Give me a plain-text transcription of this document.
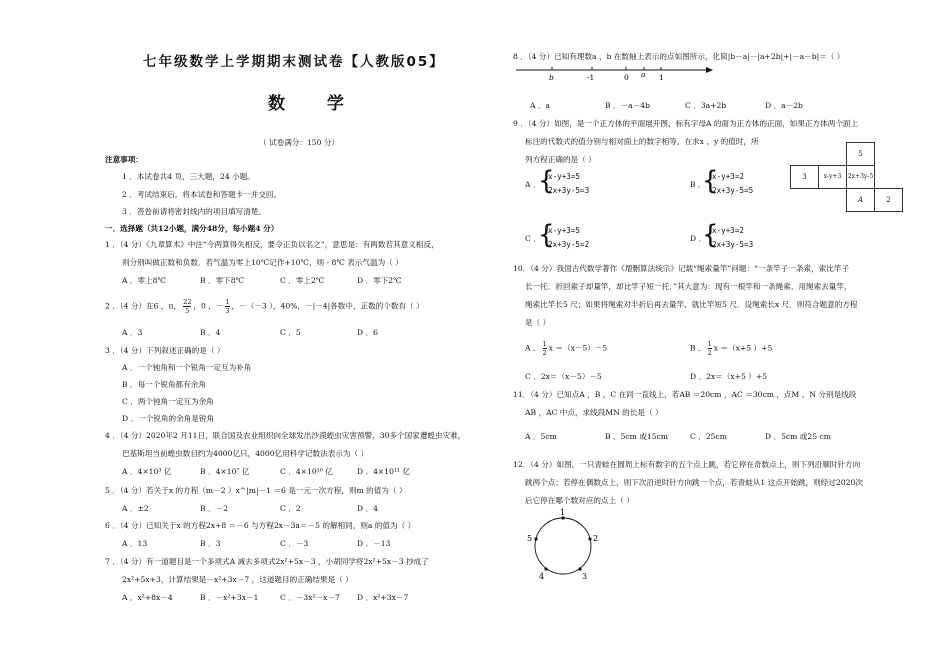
七年级数学上学期期末测试卷【人教版05】
数 学
（ 试卷满分：150 分）
注意事项：
1 ．本试卷共4 页，三大题，24 小题。
2 ．考试结束后，将本试卷和答题卡一并交回。
3 ．答卷前请将密封线内的项目填写清楚。
一．选择题（共12小题，满分48分，每小题4 分）
1 ．（4 分）《九章算术》中注“今两算得失相反，要令正负以名之”，意思是：有两数若其意义相反，
则分别叫做正数和负数．若气温为零上10℃记作+10℃，则 - 8℃ 表示气温为（ ）
A ．零上8℃	B ．零下8℃	C ．零上2℃	D ．零下2℃
2 ．（4 分）在6 ，π， $\frac{22}{5}$ ，0 ，－ $\frac{1}{3}$ ，－（－3 ），40%，－|－4|各数中，正数的个数有（ ）
A ．3	B ．4	C ．5	D ．6
3 ．（4 分）下列叙述正确的是（ ）
A ．一个钝角和一个锐角一定互为补角
B ．每一个锐角都有余角
C ．两个钝角一定互为余角
D ．一个锐角的余角是锐角
4 ．（4 分）2020年2 月11日，联合国及农业组织向全球发出沙漠蝗虫灾害预警，30多个国家遭蝗虫灾难，
巴基斯坦当前蝗虫数目约为4000亿只，4000亿用科学记数法表示为（ ）
A ．4×10³ 亿	B ．4×10⁷ 亿	C ．4×10¹⁰ 亿	D ．4×10¹¹ 亿
5 ．（4 分）若关于x 的方程（m－2 ）x^|m|－1 ＝6 是一元一次方程，则m 的值为（ ）
A ．±2	B ．－2	C ．2	D ．4
6 ．（4 分）已知关于x 的方程2x+8 ＝－6 与方程2x－3a＝－5 的解相同，则a 的值为（ ）
A ．13	B ．3	C ．－3	D ．－13
7 ．（4 分）有一道题目是一个多项式A 减去多项式2x²+5x－3 ，小胡同学将2x²+5x－3 抄成了
2x²+5x+3，计算结果是－x²+3x－7 ，这道题目的正确结果是（ ）
A ．x²+8x－4	B ．－x²+3x－1	C ．－3x²－x－7 D ．x²+3x－7
8 ．（4 分）已知有理数a ，b 在数轴上表示的点如图所示，化简|b－a|－|a+2b|+|－a－b|＝（ ）
b	-1	0 a 1
A ．a	B ．－a－4b	C ．3a+2b	D ．a－2b
9 ．（4 分）如图，是一个正方体的平面展开图，标有字母A 的面为正方体的正面，如果正方体两个面上
标注的代数式的值分别与相对面上的数字相等，在求x 、y 的值时，所
列方程正确的是（ ）
		5	
3	x-y+3	2x+3y-5	
		A	2
A ．
{
x-y+3=5
2x+3y-5=3
B ．
{
x-y+3=2
2x+3y-5=5
C ．
{
x-y+3=5
2x+3y-5=2
D ．
{
x-y+3=2
2x+3y-5=3
10．（4 分）我国古代数学著作《增删算法统宗》记载“绳索量竿”问题：“一条竿子一条索，索比竿子
长一托．折回索子却量竿，却比竿子短一托．”其大意为：现有一根竿和一条绳索，用绳索去量竿，
绳索比竿长5 尺；如果将绳索对半折后再去量竿，就比竿短5 尺．设绳索长x 尺．则符合题意的方程
是（ ）
A ． $\frac{1}{2}$ x ＝（x－5）－5	B ． $\frac{1}{2}$ x ＝（x+5 ）+5
C ．2x＝（x－5）－5	D ．2x＝（x+5 ）+5
11．（4 分）已知点A ，B ，C 在同一直线上，若AB ＝20cm ，AC ＝30cm ，点M 、N 分别是线段
AB ，AC 中点，求线段MN 的长是（ ）
A ．5cm	B ．5cm 或15cm	C ．25cm	D ．5cm 或25 cm
12．（4 分）如图，一只青蛙在圆周上标有数字的五个点上跳，若它停在奇数点上，则下列沿顺时针方向
跳两个点；若停在偶数点上，则下次沿逆时针方向跳一个点，若青蛙从1 这点开始跳，则经过2020次
后它停在哪个数对应的点上（ ）
1
2
3
4
5
